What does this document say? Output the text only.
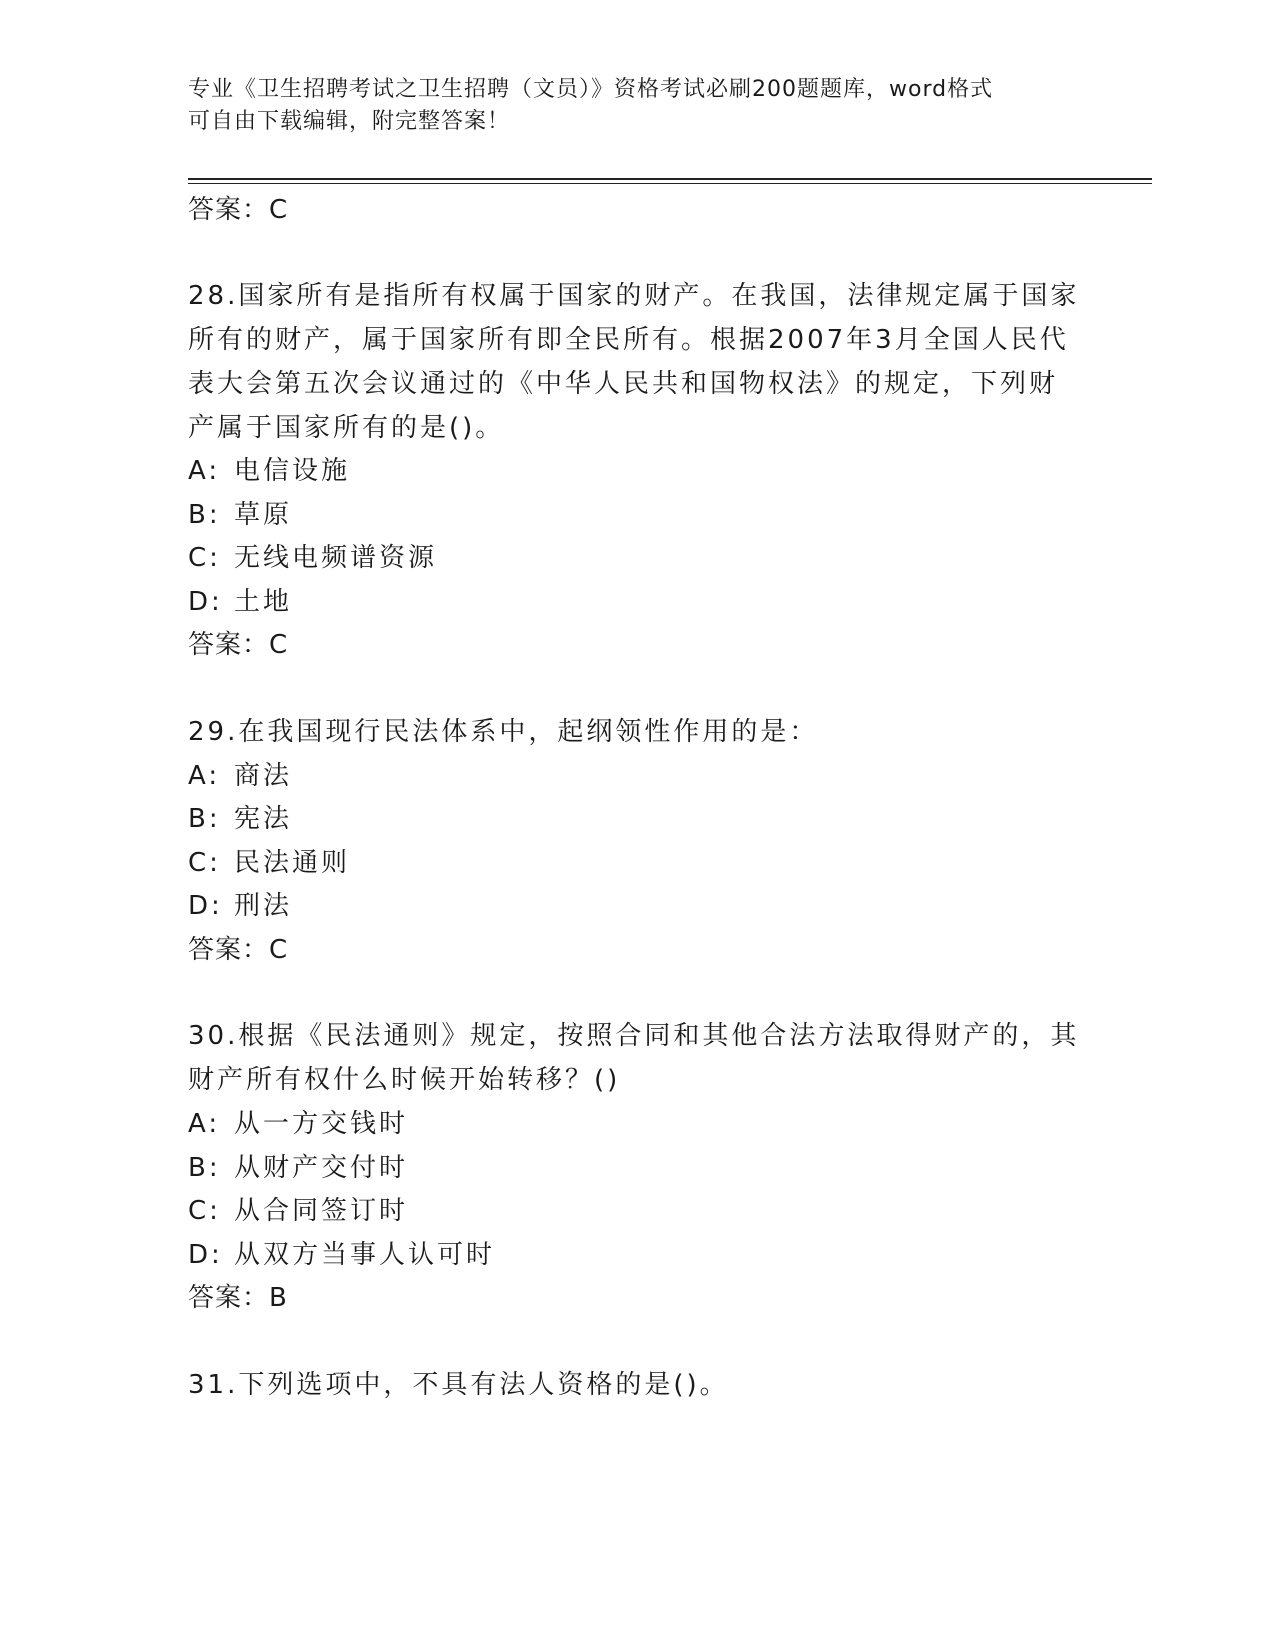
专业《卫生招聘考试之卫生招聘（文员）》资格考试必刷200题题库，word格式
可自由下载编辑，附完整答案！
答案：C
28.国家所有是指所有权属于国家的财产。在我国，法律规定属于国家
所有的财产，属于国家所有即全民所有。根据2007年3月全国人民代
表大会第五次会议通过的《中华人民共和国物权法》的规定，下列财
产属于国家所有的是()。
A: 电信设施
B: 草原
C: 无线电频谱资源
D: 土地
答案：C
29.在我国现行民法体系中，起纲领性作用的是：
A: 商法
B: 宪法
C: 民法通则
D: 刑法
答案：C
30.根据《民法通则》规定，按照合同和其他合法方法取得财产的，其
财产所有权什么时候开始转移？()
A: 从一方交钱时
B: 从财产交付时
C: 从合同签订时
D: 从双方当事人认可时
答案：B
31.下列选项中，不具有法人资格的是()。
